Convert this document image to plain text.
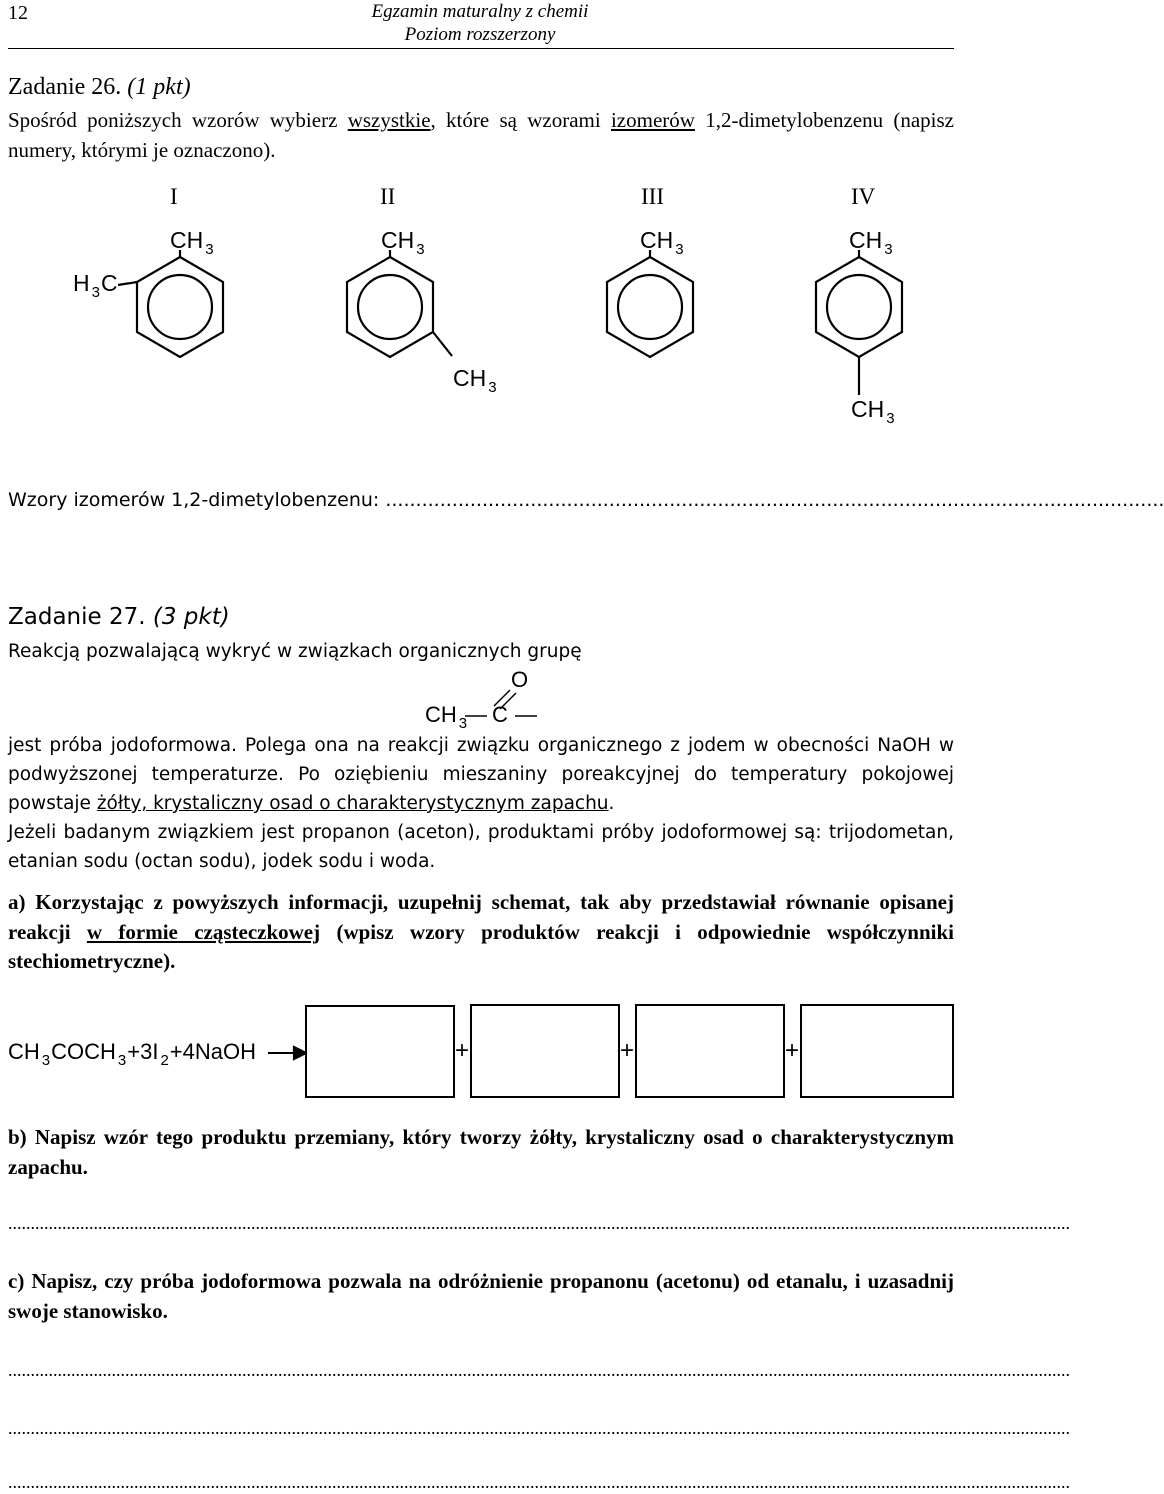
12	Egzamin maturalny z chemii
Poziom rozszerzony
Zadanie 26. (1 pkt)
Spośród poniższych wzorów wybierz wszystkie, które są wzorami izomerów 1,2-dimetylobenzenu (napisz numery, którymi je oznaczono).
I	II	III	IV
CH $_3$	CH $_3$	CH $_3$	CH $_3$
H $_3$C
CH $_3$
CH $_3$
Wzory izomerów 1,2-dimetylobenzenu: .................................................................................................................................
Zadanie 27. (3 pkt)
Reakcją pozwalającą wykryć w związkach organicznych grupę
O
CH $_3$ C
jest próba jodoformowa. Polega ona na reakcji związku organicznego z jodem w obecności NaOH w podwyższonej temperaturze. Po oziębieniu mieszaniny poreakcyjnej do temperatury pokojowej powstaje żółty, krystaliczny osad o charakterystycznym zapachu.
Jeżeli badanym związkiem jest propanon (aceton), produktami próby jodoformowej są: trijodometan, etanian sodu (octan sodu), jodek sodu i woda.
a) Korzystając z powyższych informacji, uzupełnij schemat, tak aby przedstawiał równanie opisanej reakcji w formie cząsteczkowej (wpisz wzory produktów reakcji i odpowiednie współczynniki stechiometryczne).
CH $_3$COCH $_3$+3I $_2$+4NaOH →	+	+	+
b) Napisz wzór tego produktu przemiany, który tworzy żółty, krystaliczny osad o charakterystycznym zapachu.
............................................................................................................................................................................................................................................
c) Napisz, czy próba jodoformowa pozwala na odróżnienie propanonu (acetonu) od etanalu, i uzasadnij swoje stanowisko.
............................................................................................................................................................................................................................................
............................................................................................................................................................................................................................................
............................................................................................................................................................................................................................................
